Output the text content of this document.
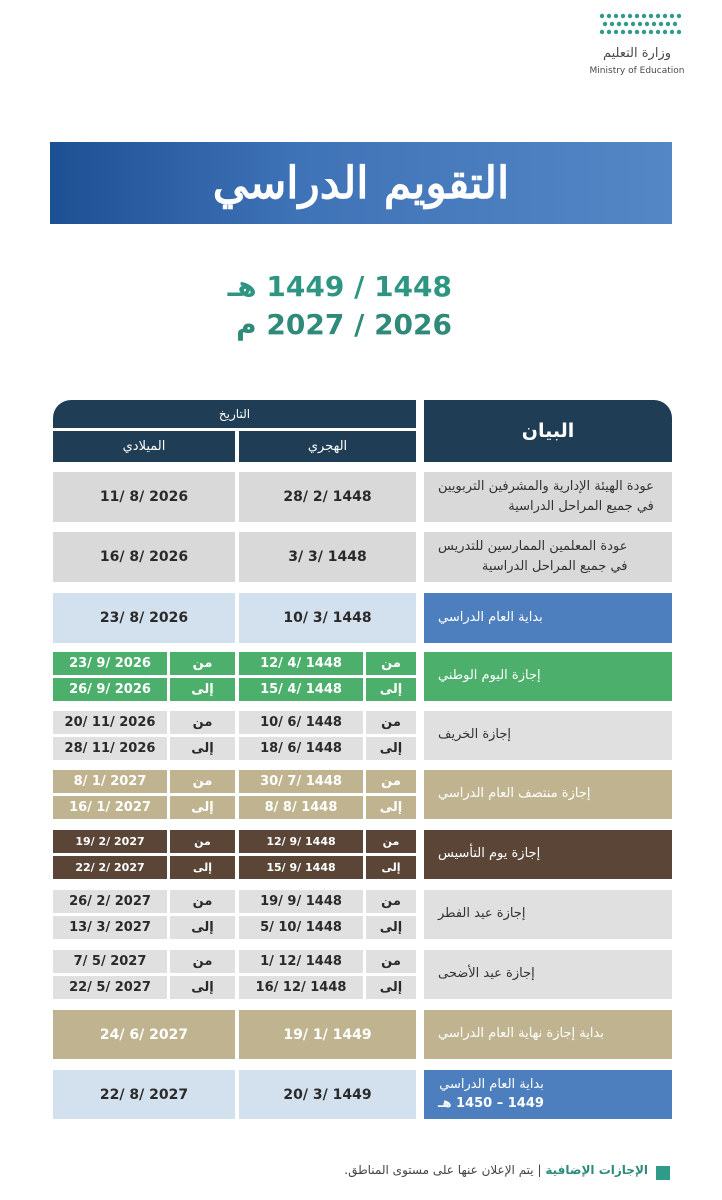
وزارة التعليم
Ministry of Education
التقويم الدراسي
1448 / 1449 هـ
2026 / 2027 م
البيان
التاريخ
الهجري
الميلادي
عودة الهيئة الإدارية والمشرفين التربويين
في جميع المراحل الدراسية
28/ 2/ 1448
11/ 8/ 2026
عودة المعلمين الممارسين للتدريس
في جميع المراحل الدراسية
3/ 3/ 1448
16/ 8/ 2026
بداية العام الدراسي
10/ 3/ 1448
23/ 8/ 2026
إجازة اليوم الوطني
من
12/ 4/ 1448
من
23/ 9/ 2026
إلى
15/ 4/ 1448
إلى
26/ 9/ 2026
إجازة الخريف
من
10/ 6/ 1448
من
20/ 11/ 2026
إلى
18/ 6/ 1448
إلى
28/ 11/ 2026
إجازة منتصف العام الدراسي
من
30/ 7/ 1448
من
8/ 1/ 2027
إلى
8/ 8/ 1448
إلى
16/ 1/ 2027
إجازة يوم التأسيس
من
12/ 9/ 1448
من
19/ 2/ 2027
إلى
15/ 9/ 1448
إلى
22/ 2/ 2027
إجازة عيد الفطر
من
19/ 9/ 1448
من
26/ 2/ 2027
إلى
5/ 10/ 1448
إلى
13/ 3/ 2027
إجازة عيد الأضحى
من
1/ 12/ 1448
من
7/ 5/ 2027
إلى
16/ 12/ 1448
إلى
22/ 5/ 2027
بداية إجازة نهاية العام الدراسي
19/ 1/ 1449
24/ 6/ 2027
بداية العام الدراسي
1449 – 1450 هـ
20/ 3/ 1449
22/ 8/ 2027
الإجازات الإضافية | يتم الإعلان عنها على مستوى المناطق.
